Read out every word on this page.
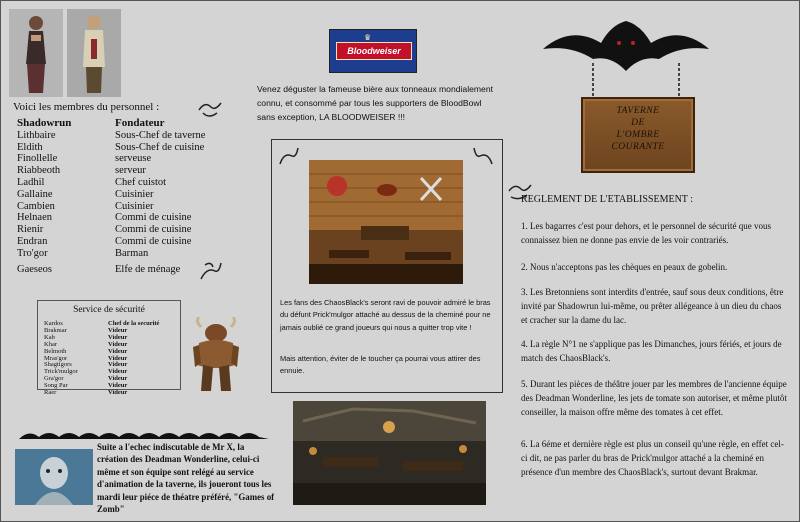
Voici les membres du personnel :
Shadowrun	Fondateur
Lithbaire	Sous-Chef de taverne
Eldith	Sous-Chef de cuisine
Finollelle	serveuse
Riabbeoth	serveur
Ladhil	Chef cuistot
Gallaine	Cuisinier
Cambien	Cuisinier
Helnaen	Commi de cuisine
Rienir	Commi de cuisine
Endran	Commi de cuisine
Tro'gor	Barman
Gaeseos	Elfe de ménage
Service de sécurité
Kardos	Chef de la securité
Brakmar	Videur
Kab	Videur
Khar	Videur
Belmoth	Videur
Mras'gor	Videur
Shagtigors	Videur
Trick'mulgor	Videur
Gra'gor	Videur
Song Par	Videur
Raer	Videur
♛
Bloodweiser
Venez déguster la fameuse bière aux tonneaux mondialement connu, et consommé par tous les supporters de BloodBowl sans exception, LA BLOODWEISER !!!
Les fans des ChaosBlack's seront ravi de pouvoir admiré le bras du défunt Prick'mulgor attaché au dessus de la cheminé pour ne jamais oublié ce grand joueurs qui nous a quitter trop vite !
Mais attention, éviter de le toucher ça pourrai vous attirer des ennuie.
Suite a l'echec indiscutable de Mr X, la création des Deadman Wonderline, celui-ci même et son équipe sont relégé au service d'animation de la taverne, ils joueront tous les mardi leur piéce de théatre préféré, "Games of Zomb"
TAVERNE
DE
L'OMBRE
COURANTE
REGLEMENT DE L'ETABLISSEMENT :
1. Les bagarres c'est pour dehors, et le personnel de sécurité que vous connaissez bien ne donne pas envie de les voir contrariés.
2. Nous n'acceptons pas les chèques en peaux de gobelin.
3. Les Bretonniens sont interdits d'entrée, sauf sous deux conditions, être invité par Shadowrun lui-même, ou prêter allégeance à un dieu du chaos et cracher sur la dame du lac.
4. La règle N°1 ne s'applique pas les Dimanches, jours fériés, et jours de match des ChaosBlack's.
5. Durant les pièces de théâtre jouer par les membres de l'ancienne équipe des Deadman Wonderline, les jets de tomate son autoriser, et même plutôt conseiller, la maison offre même des tomates à cet effet.
6. La 6éme et dernière règle est plus un conseil qu'une règle, en effet cel-ci dit, ne pas parler du bras de Prick'mulgor attaché a la cheminé en présence d'un membre des ChaosBlack's, surtout devant Brakmar.
